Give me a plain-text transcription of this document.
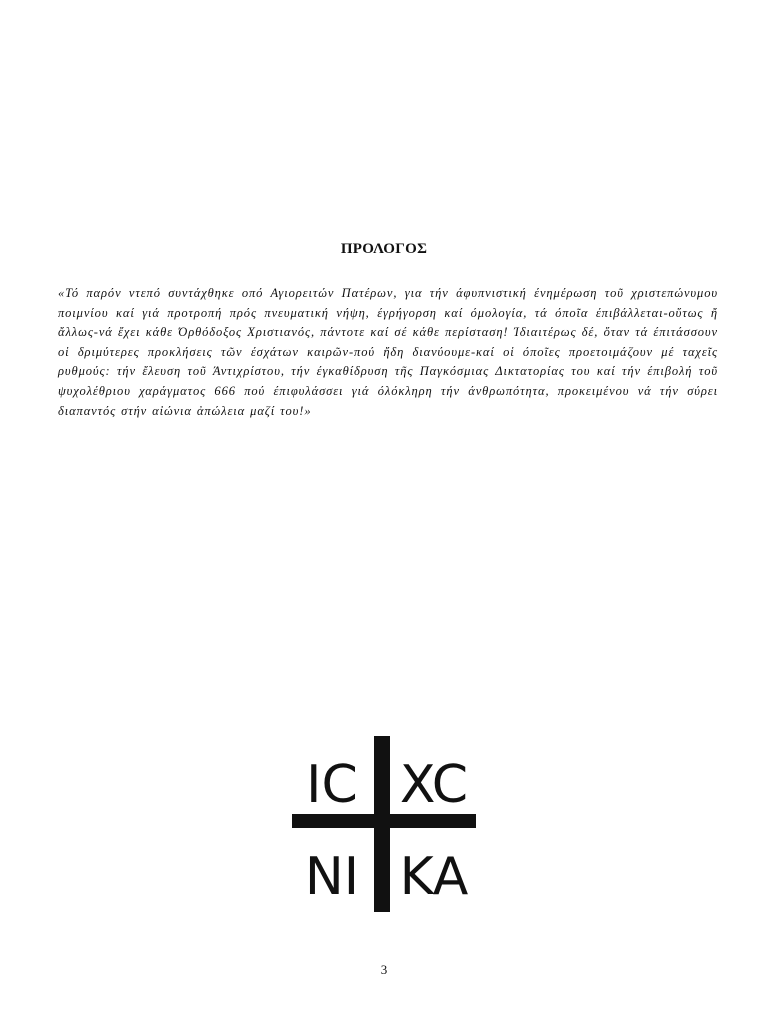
ΠΡΟΛΟΓΟΣ
«Τό παρόν ντεπό συντάχθηκε οπό Αγιορειτών Πατέρων, για τήν άφυπνιστική ένημέρωση τοῦ χριστεπώνυμου ποιμνίου καί γιά προτροπή πρός πνευματική νήψη, έγρήγορση καί όμολογία, τά όποῖα έπιβάλλεται-οὕτως ἤ ἄλλως-νά ἔχει κάθε Όρθόδοξος Χριστιανός, πάντοτε καί σέ κάθε περίσταση! Ίδιαιτέρως δέ, ὅταν τά έπιτάσσουν οἱ δριμύτερες προκλήσεις τῶν έσχάτων καιρῶν-πού ἤδη διανύουμε-καί οἱ όποῖες προετοιμάζουν μέ ταχεῖς ρυθμούς: τήν ἔλευση τοῦ Άντιχρίστου, τήν έγκαθίδρυση τῆς Παγκόσμιας Δικτατορίας του καί τήν έπιβολή τοῦ ψυχολέθριου χαράγματος 666 πού έπιφυλάσσει γιά όλόκληρη τήν άνθρωπότητα, προκειμένου νά τήν σύρει διαπαντός στήν αἰώνια ἀπώλεια μαζί του!»
IC XC
NI KA
3
